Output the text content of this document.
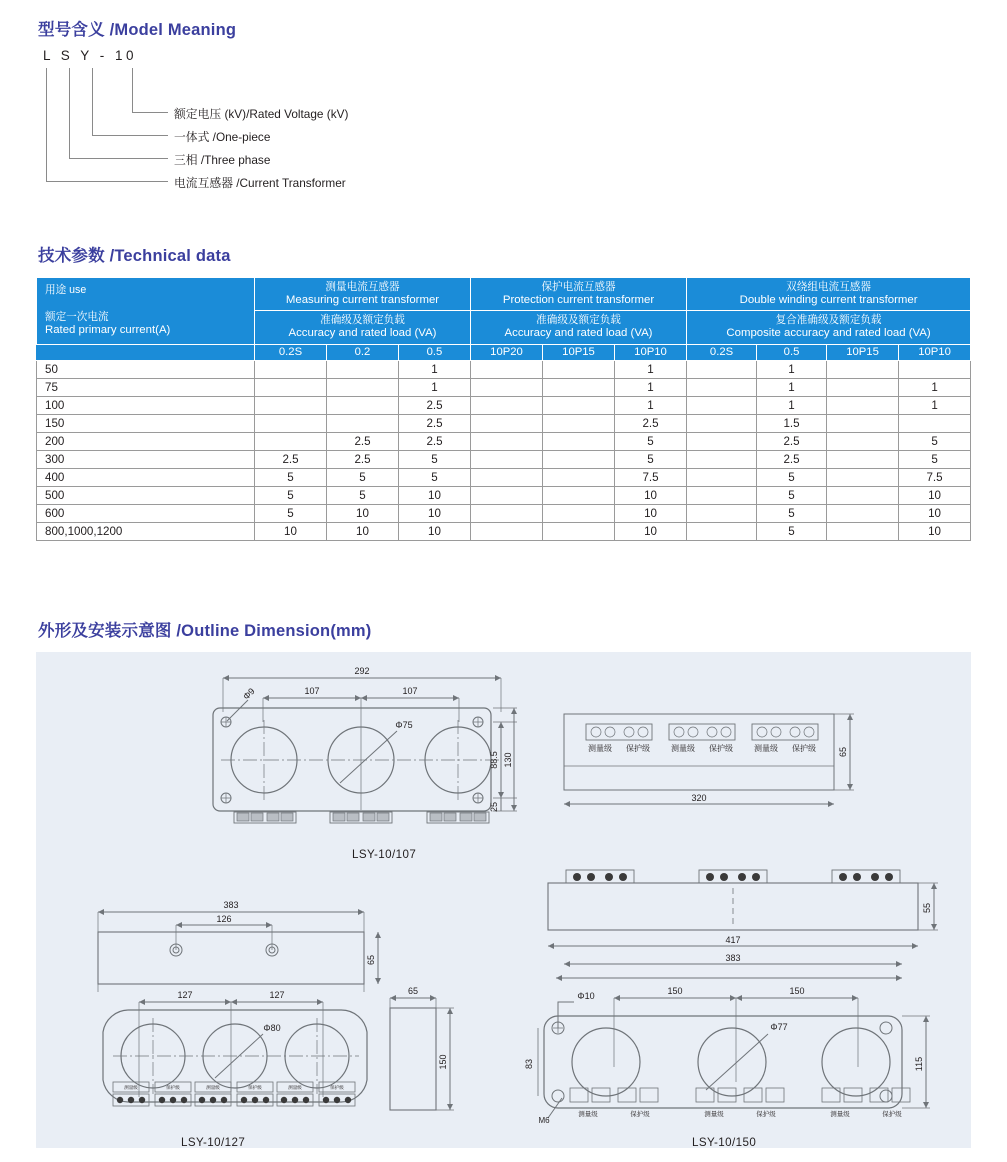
型号含义 /Model Meaning
L S Y - 10
额定电压 (kV)/Rated Voltage (kV)
一体式 /One-piece
三相 /Three phase
电流互感器 /Current Transformer
技术参数 /Technical data
用途 use
额定一次电流
Rated primary current(A)	测量电流互感器
Measuring current transformer			保护电流互感器
Protection current transformer			双绕组电流互感器
Double winding current transformer			

	准确级及额定负载
Accuracy and rated load (VA)			准确级及额定负载
Accuracy and rated load (VA)			复合准确级及额定负载
Composite accuracy and rated load (VA)			

	0.2S	0.2	0.5	10P20	10P15	10P10	0.2S	0.5	10P15	10P10
50			1			1		1		
75			1			1		1		1
100			2.5			1		1		1
150			2.5			2.5		1.5		
200		2.5	2.5			5		2.5		5
300	2.5	2.5	5			5		2.5		5
400	5	5	5			7.5		5		7.5
500	5	5	10			10		5		10
600	5	10	10			10		5		10
800,1000,1200	10	10	10			10		5		10
外形及安装示意图 /Outline Dimension(mm)
292
107	107
Φ9
Φ75
88.5 130
25
LSY-10/107
测量级 保护级	测量级 保护级	测量级 保护级
320
65
383
126
65
127	127
Φ80
测量级	保护级	测量级	保护级	测量级	保护级
LSY-10/127
65
150
417
383
55
150	150
Φ10
Φ77
115
83
M6
测量级	保护级	测量级	保护级	测量级	保护级
LSY-10/150
